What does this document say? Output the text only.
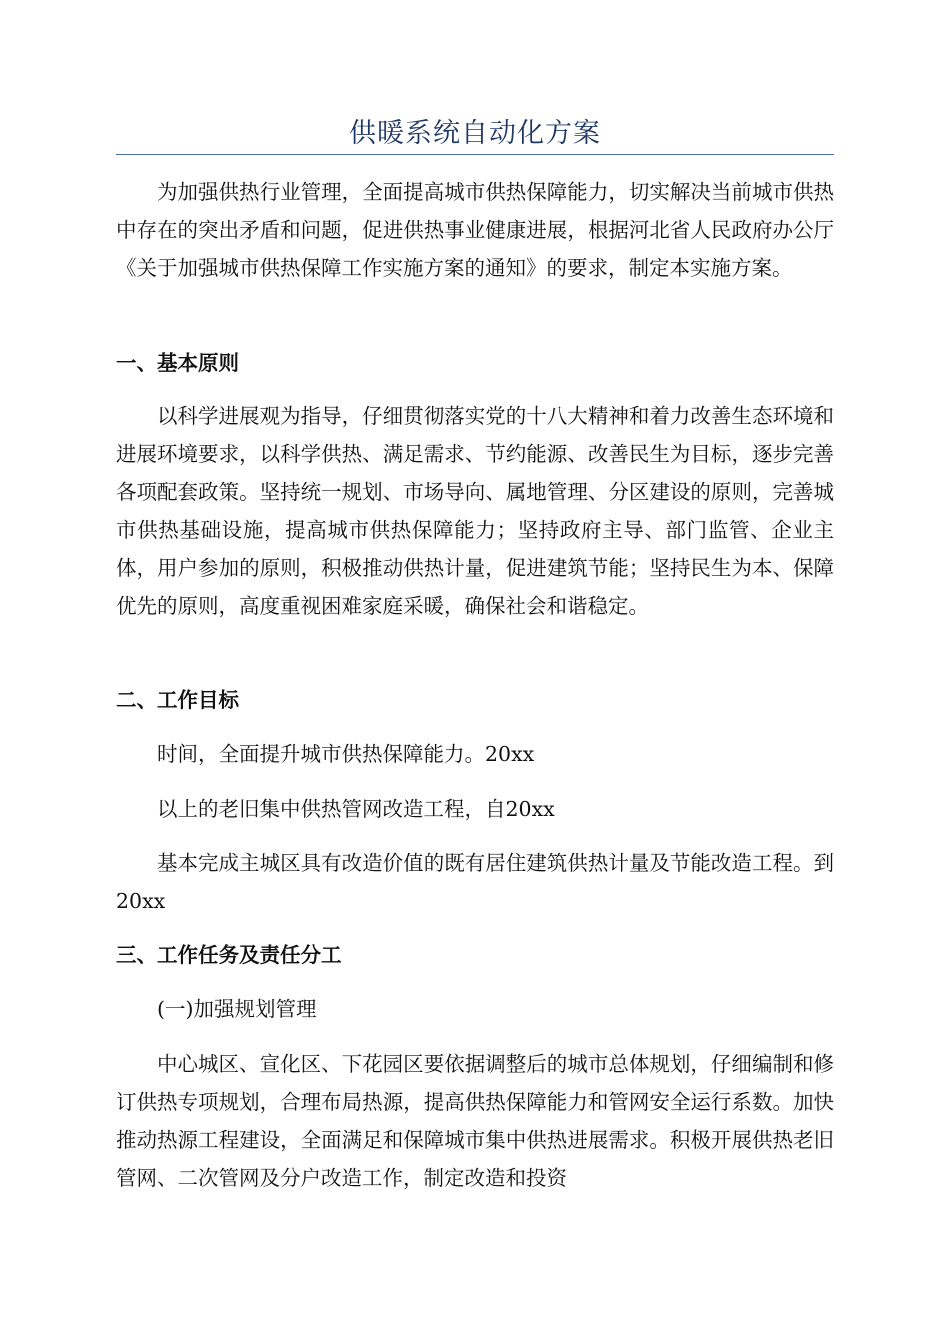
供暖系统自动化方案

为加强供热行业管理，全面提高城市供热保障能力，切实解决当前城市供热中存在的突出矛盾和问题，促进供热事业健康进展，根据河北省人民政府办公厅《关于加强城市供热保障工作实施方案的通知》的要求，制定本实施方案。

一、基本原则

以科学进展观为指导，仔细贯彻落实党的十八大精神和着力改善生态环境和进展环境要求，以科学供热、满足需求、节约能源、改善民生为目标，逐步完善各项配套政策。坚持统一规划、市场导向、属地管理、分区建设的原则，完善城市供热基础设施，提高城市供热保障能力；坚持政府主导、部门监管、企业主体，用户参加的原则，积极推动供热计量，促进建筑节能；坚持民生为本、保障优先的原则，高度重视困难家庭采暖，确保社会和谐稳定。

二、工作目标

时间，全面提升城市供热保障能力。20xx

以上的老旧集中供热管网改造工程，自20xx

基本完成主城区具有改造价值的既有居住建筑供热计量及节能改造工程。到20xx

三、工作任务及责任分工

(一)加强规划管理

中心城区、宣化区、下花园区要依据调整后的城市总体规划，仔细编制和修订供热专项规划，合理布局热源，提高供热保障能力和管网安全运行系数。加快推动热源工程建设，全面满足和保障城市集中供热进展需求。积极开展供热老旧管网、二次管网及分户改造工作，制定改造和投资
